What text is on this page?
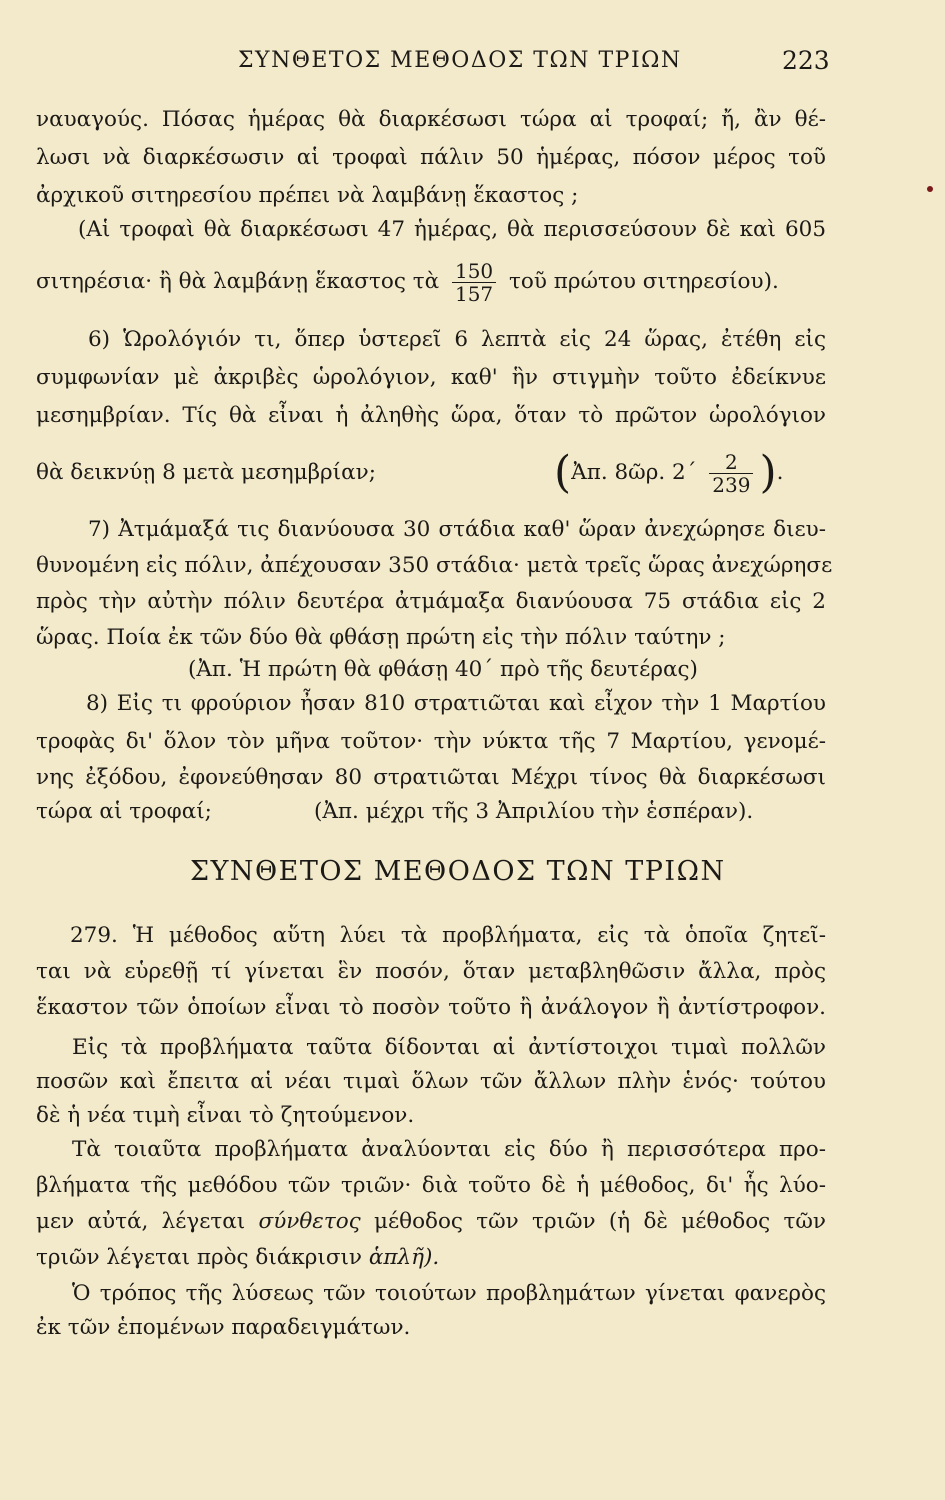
ΣΥΝΘΕΤΟΣ ΜΕΘΟΔΟΣ ΤΩΝ ΤΡΙΩΝ	223
ναυαγούς. Πόσας ἡμέρας θὰ διαρκέσωσι τώρα αἱ τροφαί; ἤ, ἂν θέ-
λωσι νὰ διαρκέσωσιν αἱ τροφαὶ πάλιν 50 ἡμέρας, πόσον μέρος τοῦ
ἀρχικοῦ σιτηρεσίου πρέπει νὰ λαμβάνῃ ἕκαστος ;
(Αἱ τροφαὶ θὰ διαρκέσωσι 47 ἡμέρας, θὰ περισσεύσουν δὲ καὶ 605
σιτηρέσια· ἢ θὰ λαμβάνῃ ἕκαστος τὰ $\frac{150}{157}$ τοῦ πρώτου σιτηρεσίου).
6) Ὡρολόγιόν τι, ὅπερ ὑστερεῖ 6 λεπτὰ εἰς 24 ὥρας, ἐτέθη εἰς
συμφωνίαν μὲ ἀκριβὲς ὡρολόγιον, καθ' ἣν στιγμὴν τοῦτο ἐδείκνυε
μεσημβρίαν. Τίς θὰ εἶναι ἡ ἀληθὴς ὥρα, ὅταν τὸ πρῶτον ὡρολόγιον
θὰ δεικνύῃ 8 μετὰ μεσημβρίαν;	(Ἀπ. 8ῶρ. $2΄ \frac{2}{239}$ ).
7) Ἀτμάμαξά τις διανύουσα 30 στάδια καθ' ὥραν ἀνεχώρησε διευ-
θυνομένη εἰς πόλιν, ἀπέχουσαν 350 στάδια· μετὰ τρεῖς ὥρας ἀνεχώρησε
πρὸς τὴν αὐτὴν πόλιν δευτέρα ἀτμάμαξα διανύουσα 75 στάδια εἰς 2
ὥρας. Ποία ἐκ τῶν δύο θὰ φθάσῃ πρώτη εἰς τὴν πόλιν ταύτην ;
(Ἀπ. Ἡ πρώτη θὰ φθάσῃ 40΄ πρὸ τῆς δευτέρας)
8) Εἰς τι φρούριον ἦσαν 810 στρατιῶται καὶ εἶχον τὴν 1 Μαρτίου
τροφὰς δι' ὅλον τὸν μῆνα τοῦτον· τὴν νύκτα τῆς 7 Μαρτίου, γενομέ-
νης ἐξόδου, ἐφονεύθησαν 80 στρατιῶται Μέχρι τίνος θὰ διαρκέσωσι
τώρα αἱ τροφαί;	(Ἀπ. μέχρι τῆς 3 Ἀπριλίου τὴν ἑσπέραν).
ΣΥΝΘΕΤΟΣ ΜΕΘΟΔΟΣ ΤΩΝ ΤΡΙΩΝ
279. Ἡ μέθοδος αὕτη λύει τὰ προβλήματα, εἰς τὰ ὁποῖα ζητεῖ-
ται νὰ εὑρεθῇ τί γίνεται ἓν ποσόν, ὅταν μεταβληθῶσιν ἄλλα, πρὸς
ἕκαστον τῶν ὁποίων εἶναι τὸ ποσὸν τοῦτο ἢ ἀνάλογον ἢ ἀντίστροφον.
Εἰς τὰ προβλήματα ταῦτα δίδονται αἱ ἀντίστοιχοι τιμαὶ πολλῶν
ποσῶν καὶ ἔπειτα αἱ νέαι τιμαὶ ὅλων τῶν ἄλλων πλὴν ἑνός· τούτου
δὲ ἡ νέα τιμὴ εἶναι τὸ ζητούμενον.
Τὰ τοιαῦτα προβλήματα ἀναλύονται εἰς δύο ἢ περισσότερα προ-
βλήματα τῆς μεθόδου τῶν τριῶν· διὰ τοῦτο δὲ ἡ μέθοδος, δι' ἧς λύο-
μεν αὐτά, λέγεται σύνθετος μέθοδος τῶν τριῶν (ἡ δὲ μέθοδος τῶν
τριῶν λέγεται πρὸς διάκρισιν ἁπλῆ).
Ὁ τρόπος τῆς λύσεως τῶν τοιούτων προβλημάτων γίνεται φανερὸς
ἐκ τῶν ἑπομένων παραδειγμάτων.
